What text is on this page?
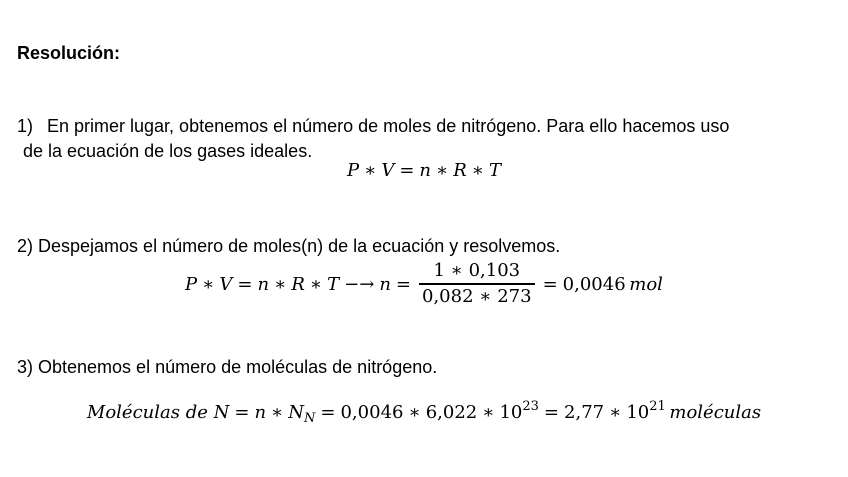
Resolución:
1) En primer lugar, obtenemos el número de moles de nitrógeno. Para ello hacemos uso
de la ecuación de los gases ideales.
P ∗ V = n ∗ R ∗ T
2) Despejamos el número de moles(n) de la ecuación y resolvemos.
P ∗ V = n ∗ R ∗ $T -\to n = \frac{1 ∗ 0,103}{0,082 ∗ 273} = 0,0046$
  mol
3) Obtenemos el número de moléculas de nitrógeno.
Moléculas de N = n ∗ $N_N = 0,0046$ ∗ 6,022 ∗ $10^{23} = 2,77$ ∗ $10^{21}$  moléculas
